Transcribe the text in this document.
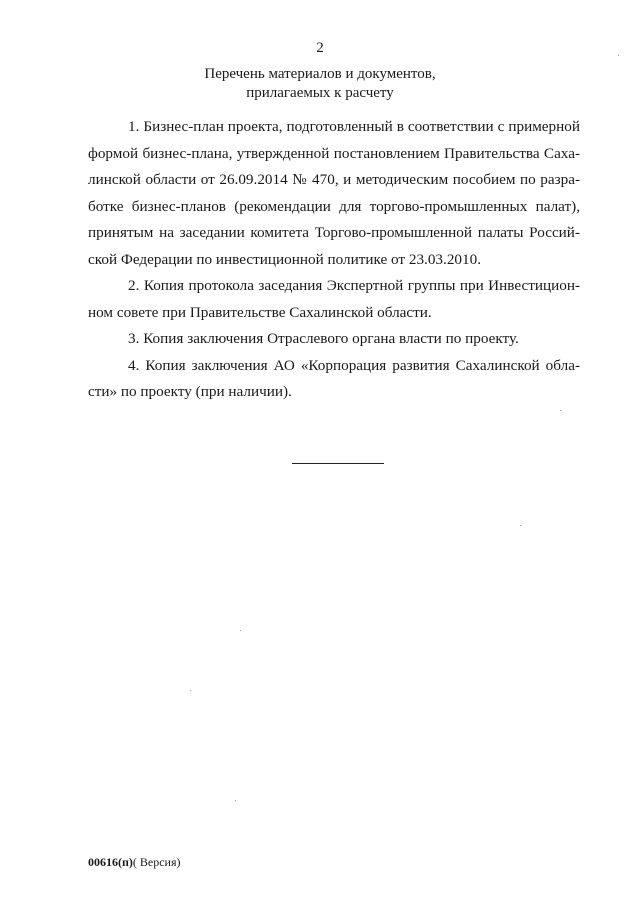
2
Перечень материалов и документов,
прилагаемых к расчету

1. Бизнес-план проекта, подготовленный в соответствии с примерной
формой бизнес-плана, утвержденной постановлением Правительства Саха-
линской области от 26.09.2014 № 470, и методическим пособием по разра-
ботке бизнес-планов (рекомендации для торгово-промышленных палат),
принятым на заседании комитета Торгово-промышленной палаты Россий-
ской Федерации по инвестиционной политике от 23.03.2010.

2. Копия протокола заседания Экспертной группы при Инвестицион-
ном совете при Правительстве Сахалинской области.

3. Копия заключения Отраслевого органа власти по проекту.

4. Копия заключения АО «Корпорация развития Сахалинской обла-
сти» по проекту (при наличии).

00616(п)( Версия)
